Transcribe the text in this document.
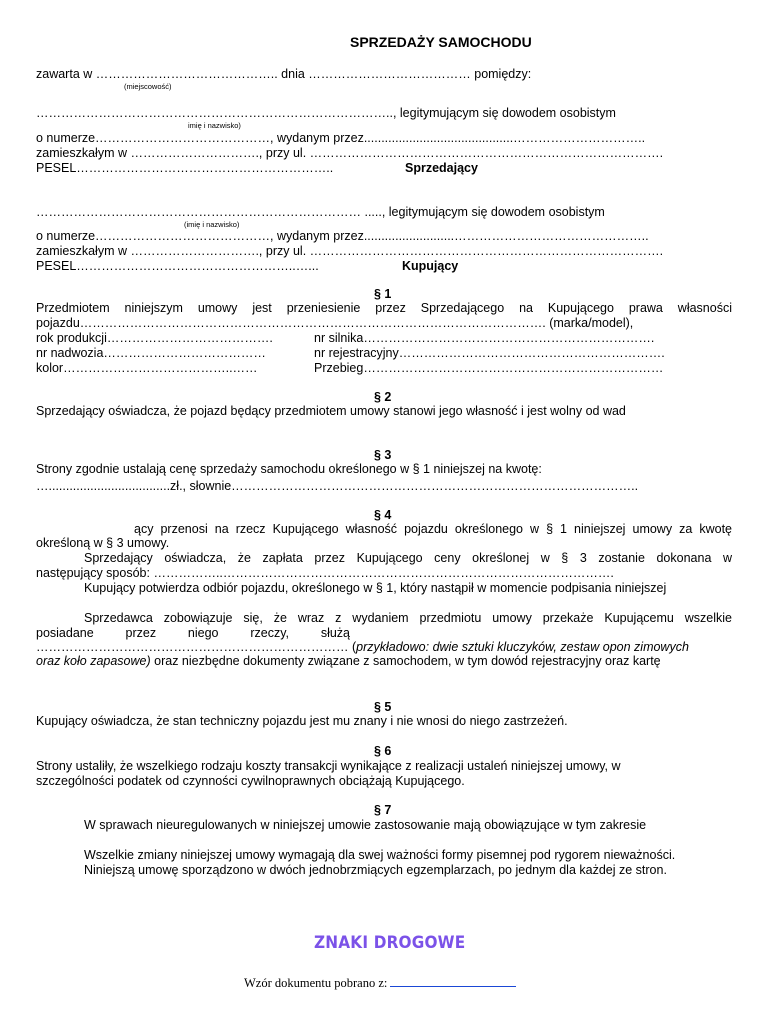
SPRZEDAŻY SAMOCHODU
zawarta w …………………………………….. dnia ………………………………… pomiędzy:
(miejscowość)
………………………………………………………………………….., legitymującym się dowodem osobistym
imię i nazwisko)
o numerze……………………………………, wydanym przez...........................................…………………………..
zamieszkałym w …………………………., przy ul. ………………………………………………………………………….
PESEL……………………………………………………..	Sprzedający
…………………………………………………………………… ....., legitymującym się dowodem osobistym
(imię i nazwisko)
o numerze……………………………………, wydanym przez..........................………………………………………..
zamieszkałym w …………………………., przy ul. ………………………………………………………………………….
PESEL……………………………………………..…...	Kupujący
§ 1
Przedmiotem niniejszym umowy jest przeniesienie przez Sprzedającego na Kupującego prawa własności
pojazdu…………………………………………………………………………………………………. (marka/model),
rok produkcji………………………………….	nr silnika…………………………………………………………….
nr nadwozia…………………………………	nr rejestracyjny……………………………………………………….
kolor…………………………………..……	Przebieg………………………………………………………………
§ 2
Sprzedający oświadcza, że pojazd będący przedmiotem umowy stanowi jego własność i jest wolny od wad
§ 3
Strony zgodnie ustalają cenę sprzedaży samochodu określonego w § 1 niniejszej na kwotę:
…...................................zł., słownie……………………………………………………………………………………..
§ 4
ący przenosi na rzecz Kupującego własność pojazdu określonego w § 1 niniejszej umowy za kwotę
określoną w § 3 umowy.
Sprzedający oświadcza, że zapłata przez Kupującego ceny określonej w § 3 zostanie dokonana w
następujący sposób: ……………..………………………………………………………………………………….
Kupujący potwierdza odbiór pojazdu, określonego w § 1, który nastąpił w momencie podpisania niniejszej
Sprzedawca zobowiązuje się, że wraz z wydaniem przedmiotu umowy przekaże Kupującemu wszelkie
posiadane przez niego rzeczy, służą
………………………………………………………………… (przykładowo: dwie sztuki kluczyków, zestaw opon zimowych
oraz koło zapasowe) oraz niezbędne dokumenty związane z samochodem, w tym dowód rejestracyjny oraz kartę
§ 5
Kupujący oświadcza, że stan techniczny pojazdu jest mu znany i nie wnosi do niego zastrzeżeń.
§ 6
Strony ustaliły, że wszelkiego rodzaju koszty transakcji wynikające z realizacji ustaleń niniejszej umowy, w
szczególności podatek od czynności cywilnoprawnych obciążają Kupującego.
§ 7
W sprawach nieuregulowanych w niniejszej umowie zastosowanie mają obowiązujące w tym zakresie
Wszelkie zmiany niniejszej umowy wymagają dla swej ważności formy pisemnej pod rygorem nieważności.
Niniejszą umowę sporządzono w dwóch jednobrzmiących egzemplarzach, po jednym dla każdej ze stron.
ZNAKI DROGOWE
Wzór dokumentu pobrano z:
